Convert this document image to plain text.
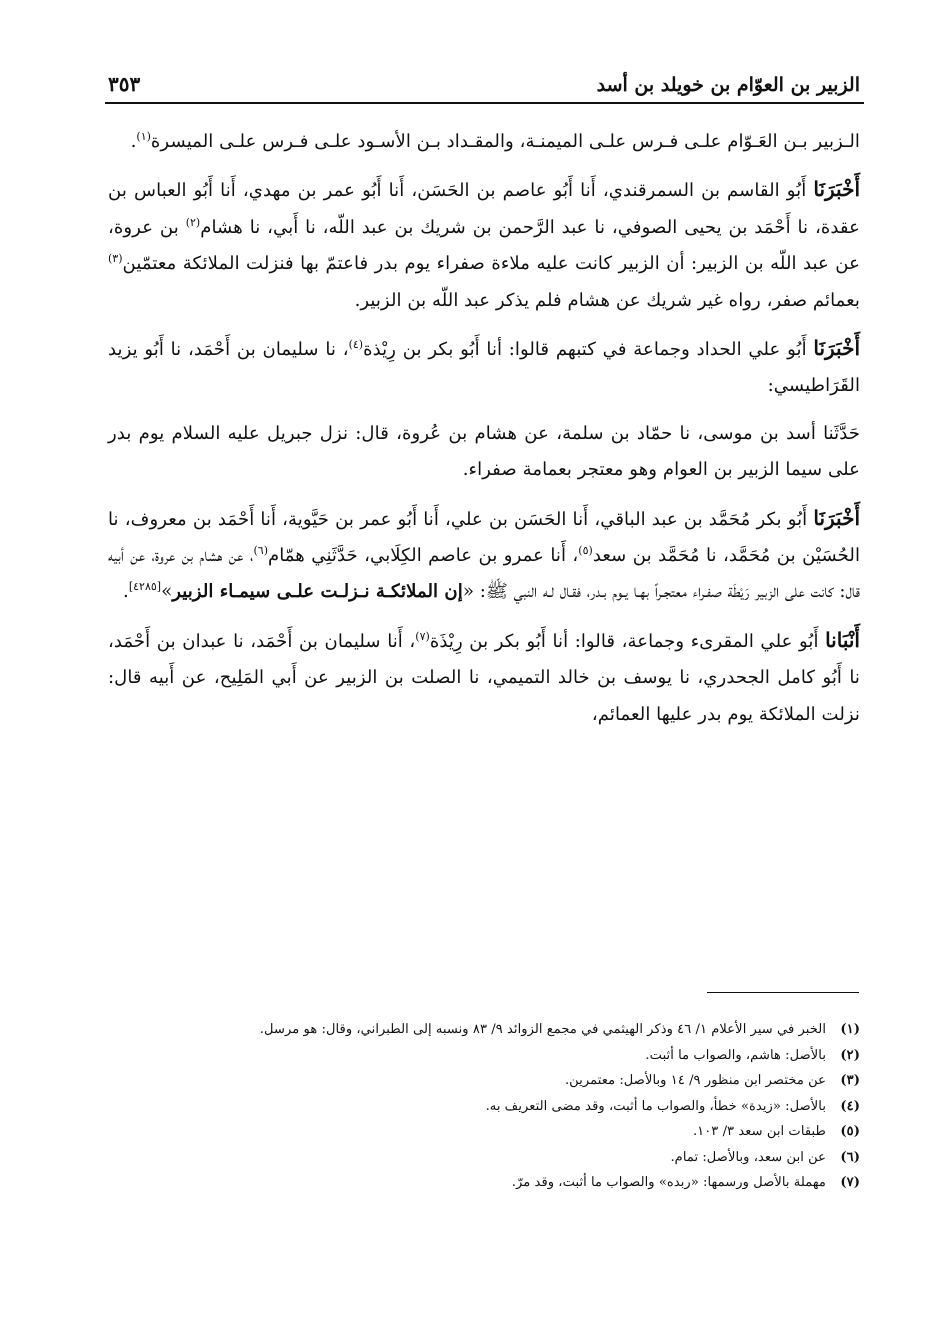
الزبير بن العوّام بن خويلد بن أسد
٣٥٣

الـزبير بـن العَـوّام علـى فـرس علـى الميمنـة، والمقـداد بـن الأسـود علـى فـرس علـى الميسرة$^{(١)}$.

أَخْبَرَنَا أَبُو القاسم بن السمرقندي، أَنا أَبُو عاصم بن الحَسَن، أَنا أَبُو عمر بن مهدي، أَنا أَبُو العباس بن عقدة، نا أَحْمَد بن يحيى الصوفي، نا عبد الرَّحمن بن شريك بن عبد اللّه، نا أَبي، نا هشام$^{(٢)}$ بن عروة، عن عبد اللّه بن الزبير: أن الزبير كانت عليه ملاءة صفراء يوم بدر فاعتمّ بها فنزلت الملائكة معتمّين$^{(٣)}$ بعمائم صفر، رواه غير شريك عن هشام فلم يذكر عبد اللّه بن الزبير.

أَخْبَرَنَا أَبُو علي الحداد وجماعة في كتبهم قالوا: أنا أَبُو بكر بن رِيْذة$^{(٤)}$، نا سليمان بن أَحْمَد، نا أَبُو يزيد القَرَاطيسي:

حَدَّثَنا أسد بن موسى، نا حمّاد بن سلمة، عن هشام بن عُروة، قال: نزل جبريل عليه السلام يوم بدر على سيما الزبير بن العوام وهو معتجر بعمامة صفراء.

أَخْبَرَنَا أَبُو بكر مُحَمَّد بن عبد الباقي، أَنا الحَسَن بن علي، أَنا أَبُو عمر بن حَيَّوية، أَنا أَحْمَد بن معروف، نا الحُسَيْن بن مُحَمَّد، نا مُحَمَّد بن سعد$^{(٥)}$، أَنا عمرو بن عاصم الكِلَابي، حَدَّثَنِي همّام$^{(٦)}$، عن هشام بن عروة، عن أبيه قال: كانت على الزبير رَيْطَة صفـراء معتجـراً بهـا يـوم بـدر، فقـال لـه النبي ﷺ: «إن الملائكـة نـزلـت علـى سيمـاء الزبير»[٤٢٨٥].

أَنْبَانا أَبُو علي المقرىء وجماعة، قالوا: أنا أَبُو بكر بن رِيْذَة$^{(٧)}$، أَنا سليمان بن أَحْمَد، نا عبدان بن أَحْمَد، نا أَبُو كامل الجحدري، نا يوسف بن خالد التميمي، نا الصلت بن الزبير عن أَبي المَلِيح، عن أَبيه قال: نزلت الملائكة يوم بدر عليها العمائم،

(١)
الخبر في سير الأعلام ١/ ٤٦ وذكر الهيثمي في مجمع الزوائد ٩/ ٨٣ ونسبه إلى الطبراني، وقال: هو مرسل.
(٢)
بالأصل: هاشم، والصواب ما أثبت.
(٣)
عن مختصر ابن منظور ٩/ ١٤ وبالأصل: معتمرين.
(٤)
بالأصل: «زيدة» خطأ، والصواب ما أثبت، وقد مضى التعريف به.
(٥)
طبقات ابن سعد ٣/ ١٠٣.
(٦)
عن ابن سعد، وبالأصل: تمام.
(٧)
مهملة بالأصل ورسمها: «ربده» والصواب ما أثبت، وقد مرّ.
